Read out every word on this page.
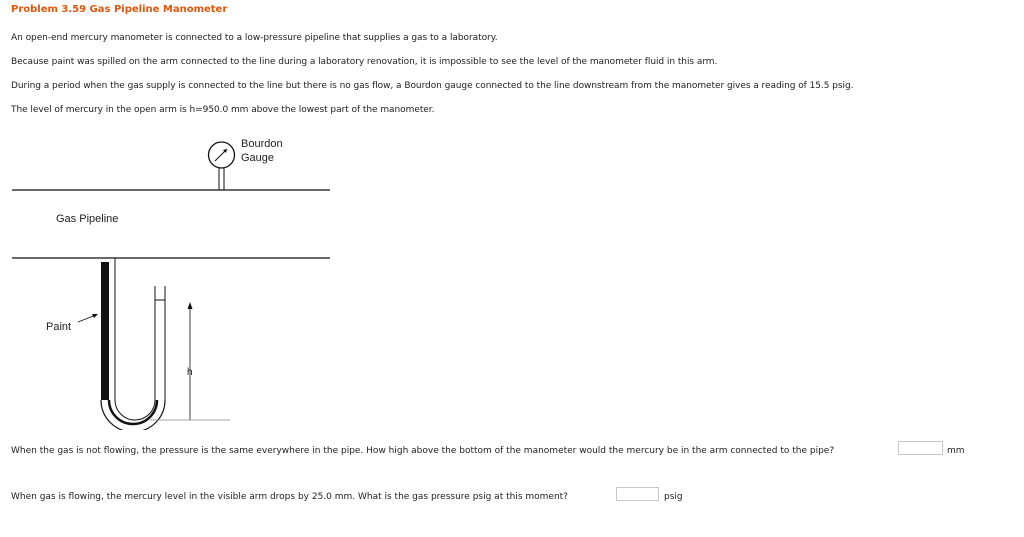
Problem 3.59 Gas Pipeline Manometer
An open-end mercury manometer is connected to a low-pressure pipeline that supplies a gas to a laboratory.
Because paint was spilled on the arm connected to the line during a laboratory renovation, it is impossible to see the level of the manometer fluid in this arm.
During a period when the gas supply is connected to the line but there is no gas flow, a Bourdon gauge connected to the line downstream from the manometer gives a reading of 15.5 psig.
The level of mercury in the open arm is h=950.0 mm above the lowest part of the manometer.
Bourdon
Gauge
Gas Pipeline
Paint
h
When the gas is not flowing, the pressure is the same everywhere in the pipe. How high above the bottom of the manometer would the mercury be in the arm connected to the pipe?	mm
When gas is flowing, the mercury level in the visible arm drops by 25.0 mm. What is the gas pressure psig at this moment?	psig
